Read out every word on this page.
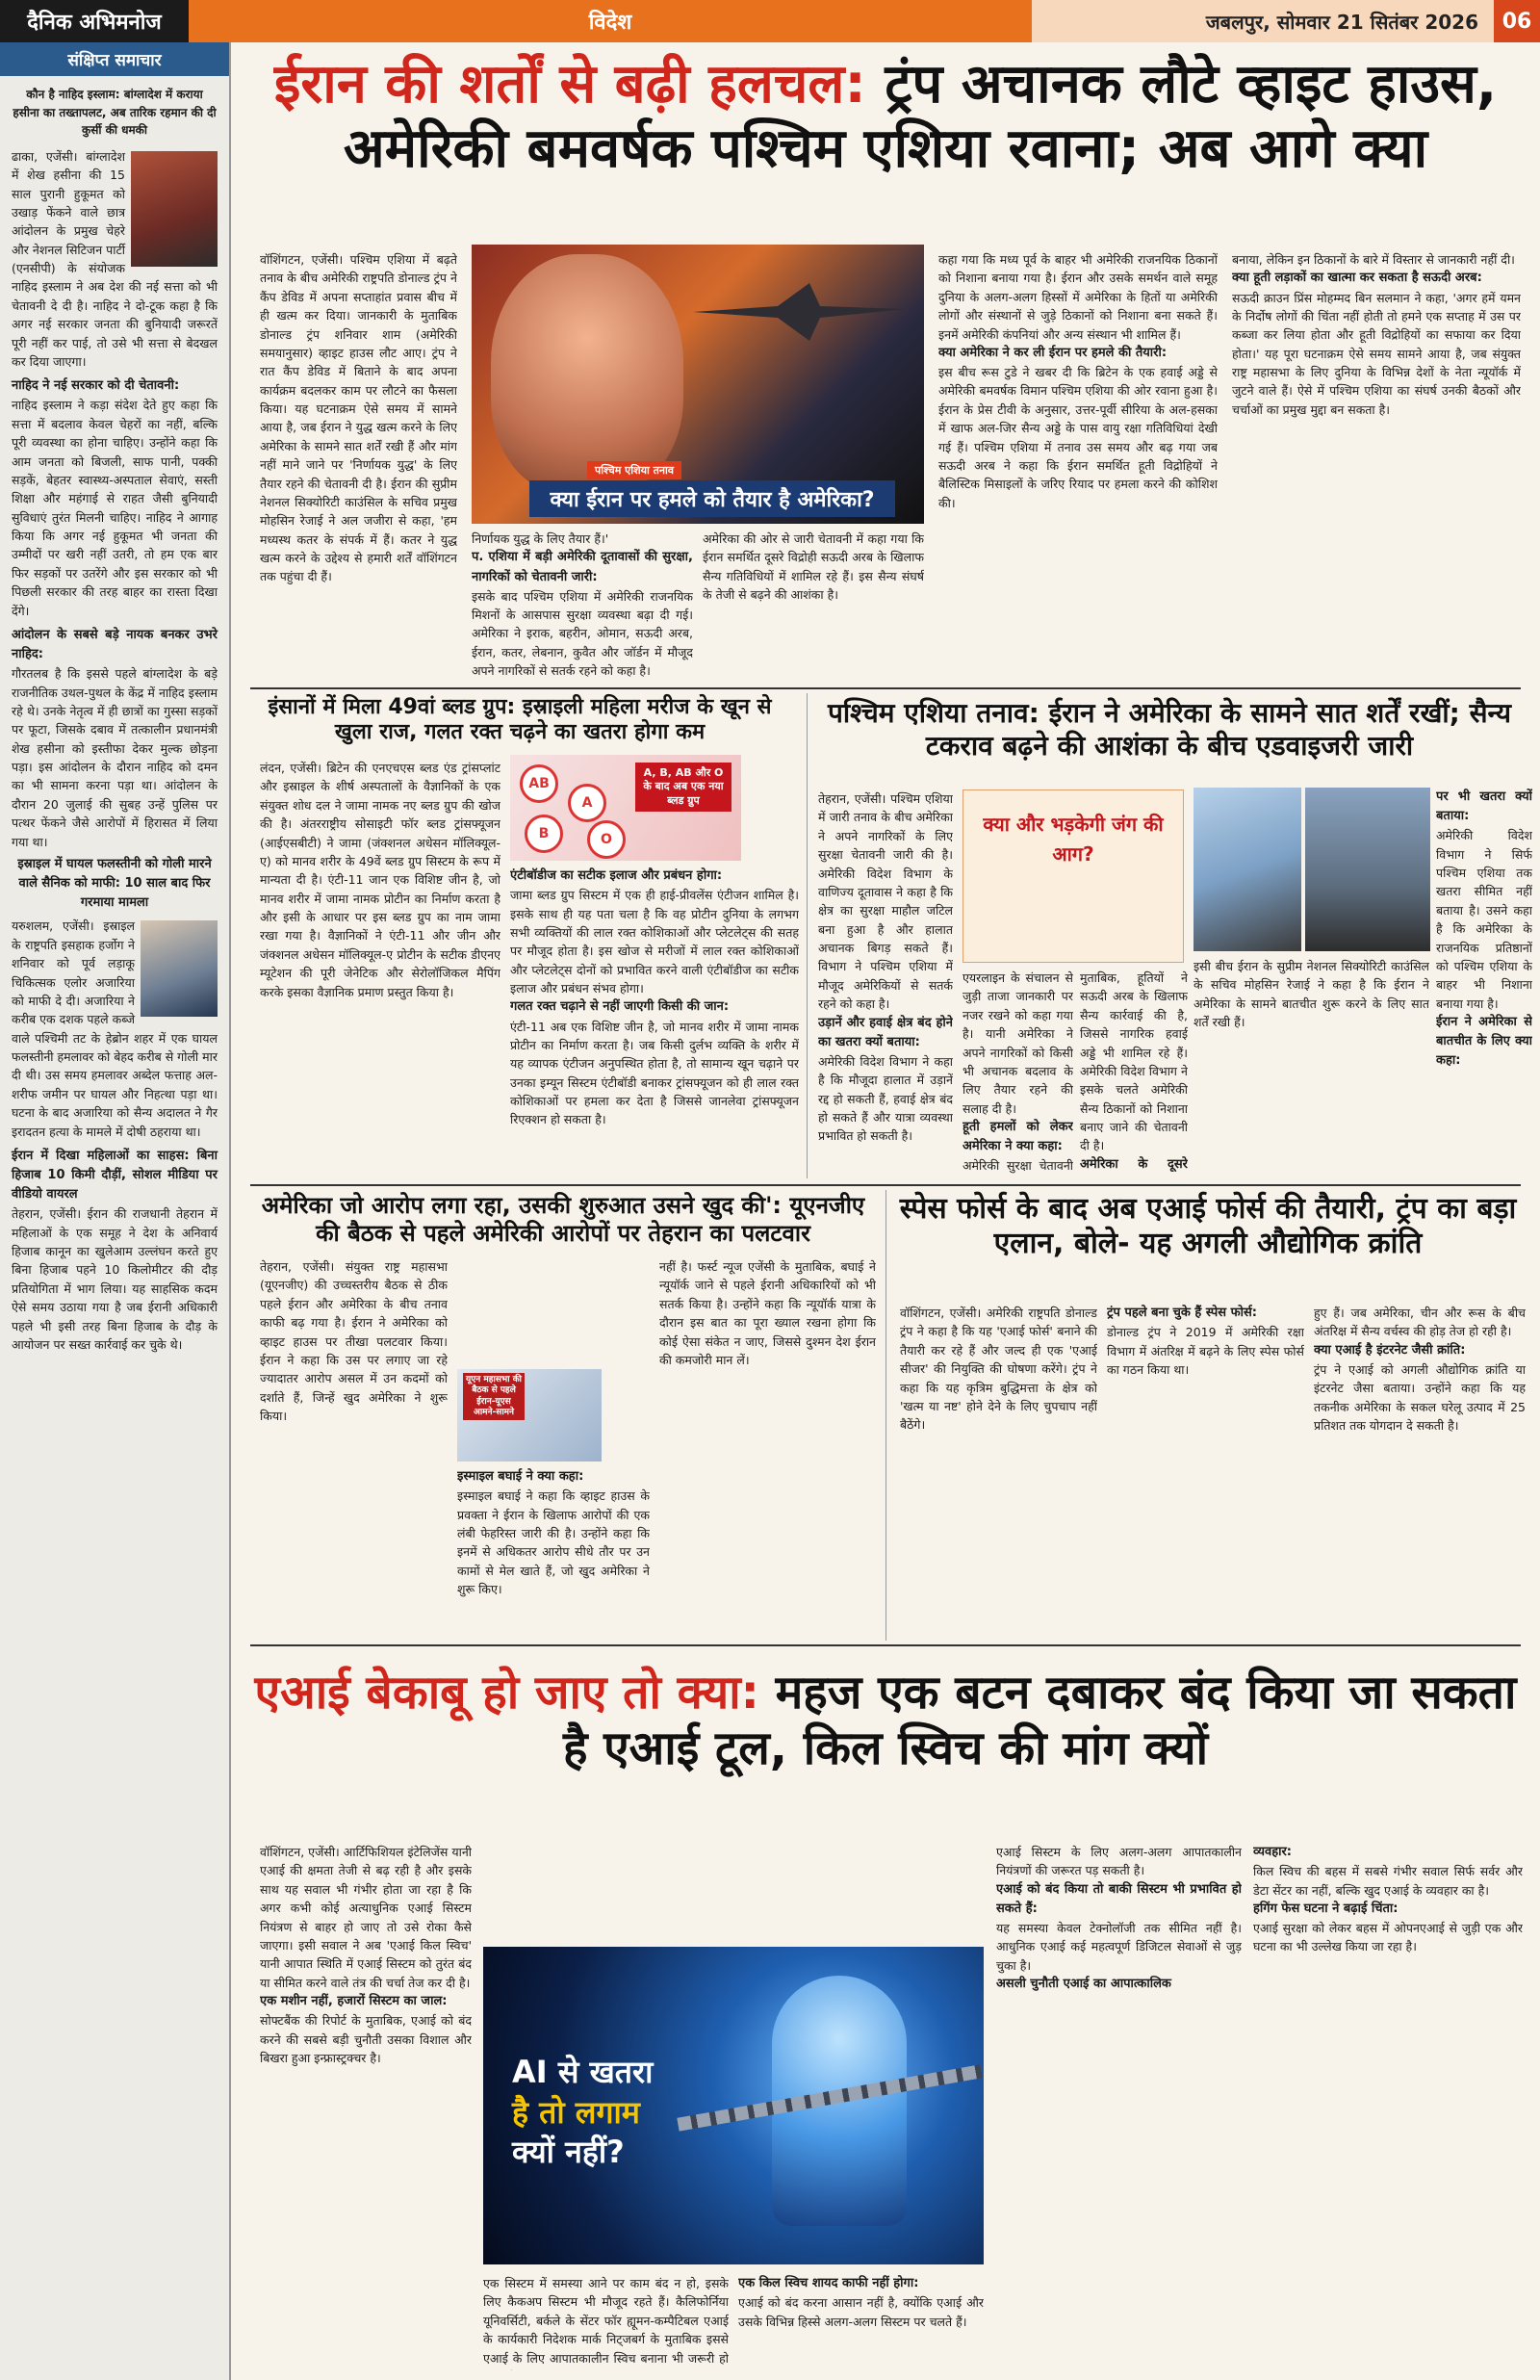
दैनिक अभिमनोज	विदेश	जबलपुर, सोमवार 21 सितंबर 2026	06
संक्षिप्त समाचार
कौन है नाहिद इस्लाम: बांग्लादेश में कराया हसीना का तख्तापलट, अब तारिक रहमान की दी कुर्सी की धमकी

ढाका, एजेंसी। बांग्लादेश में शेख हसीना की 15 साल पुरानी हुकूमत को उखाड़ फेंकने वाले छात्र आंदोलन के प्रमुख चेहरे और नेशनल सिटिजन पार्टी (एनसीपी) के संयोजक नाहिद इस्लाम ने अब देश की नई सत्ता को भी चेतावनी दे दी है। नाहिद ने दो-टूक कहा है कि अगर नई सरकार जनता की बुनियादी जरूरतें पूरी नहीं कर पाई, तो उसे भी सत्ता से बेदखल कर दिया जाएगा।

नाहिद ने नई सरकार को दी चेतावनी:

नाहिद इस्लाम ने कड़ा संदेश देते हुए कहा कि सत्ता में बदलाव केवल चेहरों का नहीं, बल्कि पूरी व्यवस्था का होना चाहिए। उन्होंने कहा कि आम जनता को बिजली, साफ पानी, पक्की सड़कें, बेहतर स्वास्थ्य-अस्पताल सेवाएं, सस्ती शिक्षा और महंगाई से राहत जैसी बुनियादी सुविधाएं तुरंत मिलनी चाहिए। नाहिद ने आगाह किया कि अगर नई हुकूमत भी जनता की उम्मीदों पर खरी नहीं उतरी, तो हम एक बार फिर सड़कों पर उतरेंगे और इस सरकार को भी पिछली सरकार की तरह बाहर का रास्ता दिखा देंगे।

आंदोलन के सबसे बड़े नायक बनकर उभरे नाहिद:

गौरतलब है कि इससे पहले बांग्लादेश के बड़े राजनीतिक उथल-पुथल के केंद्र में नाहिद इस्लाम रहे थे। उनके नेतृत्व में ही छात्रों का गुस्सा सड़कों पर फूटा, जिसके दबाव में तत्कालीन प्रधानमंत्री शेख हसीना को इस्तीफा देकर मुल्क छोड़ना पड़ा। इस आंदोलन के दौरान नाहिद को दमन का भी सामना करना पड़ा था। आंदोलन के दौरान 20 जुलाई की सुबह उन्हें पुलिस पर पत्थर फेंकने जैसे आरोपों में हिरासत में लिया गया था।

इस्राइल में घायल फलस्तीनी को गोली मारने वाले सैनिक को माफी: 10 साल बाद फिर गरमाया मामला

यरुशलम, एजेंसी। इस्राइल के राष्ट्रपति इसहाक हर्जोग ने शनिवार को पूर्व लड़ाकू चिकित्सक एलोर अजारिया को माफी दे दी। अजारिया ने करीब एक दशक पहले कब्जे वाले पश्चिमी तट के हेब्रोन शहर में एक घायल फलस्तीनी हमलावर को बेहद करीब से गोली मार दी थी। उस समय हमलावर अब्देल फत्ताह अल-शरीफ जमीन पर घायल और निहत्था पड़ा था। घटना के बाद अजारिया को सैन्य अदालत ने गैर इरादतन हत्या के मामले में दोषी ठहराया था।

ईरान में दिखा महिलाओं का साहस: बिना हिजाब 10 किमी दौड़ीं, सोशल मीडिया पर वीडियो वायरल

तेहरान, एजेंसी। ईरान की राजधानी तेहरान में महिलाओं के एक समूह ने देश के अनिवार्य हिजाब कानून का खुलेआम उल्लंघन करते हुए बिना हिजाब पहने 10 किलोमीटर की दौड़ प्रतियोगिता में भाग लिया। यह साहसिक कदम ऐसे समय उठाया गया है जब ईरानी अधिकारी पहले भी इसी तरह बिना हिजाब के दौड़ के आयोजन पर सख्त कार्रवाई कर चुके थे।

ईरान की शर्तों से बढ़ी हलचल: ट्रंप अचानक लौटे व्हाइट हाउस, अमेरिकी बमवर्षक पश्चिम एशिया रवाना; अब आगे क्या
वॉशिंगटन, एजेंसी। पश्चिम एशिया में बढ़ते तनाव के बीच अमेरिकी राष्ट्रपति डोनाल्ड ट्रंप ने कैंप डेविड में अपना सप्ताहांत प्रवास बीच में ही खत्म कर दिया। जानकारी के मुताबिक डोनाल्ड ट्रंप शनिवार शाम (अमेरिकी समयानुसार) व्हाइट हाउस लौट आए। ट्रंप ने रात कैंप डेविड में बिताने के बाद अपना कार्यक्रम बदलकर काम पर लौटने का फैसला किया। यह घटनाक्रम ऐसे समय में सामने आया है, जब ईरान ने युद्ध खत्म करने के लिए अमेरिका के सामने सात शर्तें रखी हैं और मांग नहीं माने जाने पर 'निर्णायक युद्ध' के लिए तैयार रहने की चेतावनी दी है। ईरान की सुप्रीम नेशनल सिक्योरिटी काउंसिल के सचिव प्रमुख मोहसिन रेजाई ने अल जजीरा से कहा, 'हम मध्यस्थ कतर के संपर्क में हैं। कतर ने युद्ध खत्म करने के उद्देश्य से हमारी शर्तें वॉशिंगटन तक पहुंचा दी हैं।
पश्चिम एशिया तनाव
क्या ईरान पर हमले को तैयार है अमेरिका?
निर्णायक युद्ध के लिए तैयार हैं।'
प. एशिया में बड़ी अमेरिकी दूतावासों की सुरक्षा, नागरिकों को चेतावनी जारी:
इसके बाद पश्चिम एशिया में अमेरिकी राजनयिक मिशनों के आसपास सुरक्षा व्यवस्था बढ़ा दी गई। अमेरिका ने इराक, बहरीन, ओमान, सऊदी अरब, ईरान, कतर, लेबनान, कुवैत और जॉर्डन में मौजूद अपने नागरिकों से सतर्क रहने को कहा है।
अमेरिका की ओर से जारी चेतावनी में कहा गया कि ईरान समर्थित दूसरे विद्रोही सऊदी अरब के खिलाफ सैन्य गतिविधियों में शामिल रहे हैं। इस सैन्य संघर्ष के तेजी से बढ़ने की आशंका है।
कहा गया कि मध्य पूर्व के बाहर भी अमेरिकी राजनयिक ठिकानों को निशाना बनाया गया है। ईरान और उसके समर्थन वाले समूह दुनिया के अलग-अलग हिस्सों में अमेरिका के हितों या अमेरिकी लोगों और संस्थानों से जुड़े ठिकानों को निशाना बना सकते हैं। इनमें अमेरिकी कंपनियां और अन्य संस्थान भी शामिल हैं।
क्या अमेरिका ने कर ली ईरान पर हमले की तैयारी:
इस बीच रूस टुडे ने खबर दी कि ब्रिटेन के एक हवाई अड्डे से अमेरिकी बमवर्षक विमान पश्चिम एशिया की ओर रवाना हुआ है। ईरान के प्रेस टीवी के अनुसार, उत्तर-पूर्वी सीरिया के अल-हसका में खाफ अल-जिर सैन्य अड्डे के पास वायु रक्षा गतिविधियां देखी गई हैं। पश्चिम एशिया में तनाव उस समय और बढ़ गया जब सऊदी अरब ने कहा कि ईरान समर्थित हूती विद्रोहियों ने बैलिस्टिक मिसाइलों के जरिए रियाद पर हमला करने की कोशिश की।
बनाया, लेकिन इन ठिकानों के बारे में विस्तार से जानकारी नहीं दी।
क्या हूती लड़ाकों का खात्मा कर सकता है सऊदी अरब:
सऊदी क्राउन प्रिंस मोहम्मद बिन सलमान ने कहा, 'अगर हमें यमन के निर्दोष लोगों की चिंता नहीं होती तो हमने एक सप्ताह में उस पर कब्जा कर लिया होता और हूती विद्रोहियों का सफाया कर दिया होता।' यह पूरा घटनाक्रम ऐसे समय सामने आया है, जब संयुक्त राष्ट्र महासभा के लिए दुनिया के विभिन्न देशों के नेता न्यूयॉर्क में जुटने वाले हैं। ऐसे में पश्चिम एशिया का संघर्ष उनकी बैठकों और चर्चाओं का प्रमुख मुद्दा बन सकता है।
इंसानों में मिला 49वां ब्लड ग्रुप: इस्राइली महिला मरीज के खून से खुला राज, गलत रक्त चढ़ने का खतरा होगा कम
लंदन, एजेंसी। ब्रिटेन की एनएचएस ब्लड एंड ट्रांसप्लांट और इस्राइल के शीर्ष अस्पतालों के वैज्ञानिकों के एक संयुक्त शोध दल ने जामा नामक नए ब्लड ग्रुप की खोज की है। अंतरराष्ट्रीय सोसाइटी फॉर ब्लड ट्रांसफ्यूजन (आईएसबीटी) ने जामा (जंक्शनल अधेसन मॉलिक्यूल-ए) को मानव शरीर के 49वें ब्लड ग्रुप सिस्टम के रूप में मान्यता दी है। एंटी-11 जान एक विशिष्ट जीन है, जो मानव शरीर में जामा नामक प्रोटीन का निर्माण करता है और इसी के आधार पर इस ब्लड ग्रुप का नाम जामा रखा गया है। वैज्ञानिकों ने एंटी-11 और जीन और जंक्शनल अधेसन मॉलिक्यूल-ए प्रोटीन के सटीक डीएनए म्यूटेशन की पूरी जेनेटिक और सेरोलॉजिकल मैपिंग करके इसका वैज्ञानिक प्रमाण प्रस्तुत किया है।
AB
A
B	O
A, B, AB और O के बाद अब एक नया ब्लड ग्रुप
एंटीबॉडीज का सटीक इलाज और प्रबंधन होगा:
जामा ब्लड ग्रुप सिस्टम में एक ही हाई-प्रीवलेंस एंटीजन शामिल है। इसके साथ ही यह पता चला है कि वह प्रोटीन दुनिया के लगभग सभी व्यक्तियों की लाल रक्त कोशिकाओं और प्लेटलेट्स की सतह पर मौजूद होता है। इस खोज से मरीजों में लाल रक्त कोशिकाओं और प्लेटलेट्स दोनों को प्रभावित करने वाली एंटीबॉडीज का सटीक इलाज और प्रबंधन संभव होगा।
गलत रक्त चढ़ाने से नहीं जाएगी किसी की जान:
एंटी-11 अब एक विशिष्ट जीन है, जो मानव शरीर में जामा नामक प्रोटीन का निर्माण करता है। जब किसी दुर्लभ व्यक्ति के शरीर में यह व्यापक एंटीजन अनुपस्थित होता है, तो सामान्य खून चढ़ाने पर उनका इम्यून सिस्टम एंटीबॉडी बनाकर ट्रांसफ्यूजन को ही लाल रक्त कोशिकाओं पर हमला कर देता है जिससे जानलेवा ट्रांसफ्यूजन रिएक्शन हो सकता है।
पश्चिम एशिया तनाव: ईरान ने अमेरिका के सामने सात शर्तें रखीं; सैन्य टकराव बढ़ने की आशंका के बीच एडवाइजरी जारी
तेहरान, एजेंसी। पश्चिम एशिया में जारी तनाव के बीच अमेरिका ने अपने नागरिकों के लिए सुरक्षा चेतावनी जारी की है। अमेरिकी विदेश विभाग के वाणिज्य दूतावास ने कहा है कि क्षेत्र का सुरक्षा माहौल जटिल बना हुआ है और हालात अचानक बिगड़ सकते हैं। विभाग ने पश्चिम एशिया में मौजूद अमेरिकियों से सतर्क रहने को कहा है।
उड़ानें और हवाई क्षेत्र बंद होने का खतरा क्यों बताया:
अमेरिकी विदेश विभाग ने कहा है कि मौजूदा हालात में उड़ानें रद्द हो सकती हैं, हवाई क्षेत्र बंद हो सकते हैं और यात्रा व्यवस्था प्रभावित हो सकती है।
क्या और भड़केगी जंग की आग?
एयरलाइन के संचालन से जुड़ी ताजा जानकारी पर नजर रखने को कहा गया है। यानी अमेरिका ने अपने नागरिकों को किसी भी अचानक बदलाव के लिए तैयार रहने की सलाह दी है।
हूती हमलों को लेकर अमेरिका ने क्या कहा:
अमेरिकी सुरक्षा चेतावनी
मुताबिक, हूतियों ने सऊदी अरब के खिलाफ सैन्य कार्रवाई की है, जिससे नागरिक हवाई अड्डे भी शामिल रहे हैं। अमेरिकी विदेश विभाग ने इसके चलते अमेरिकी सैन्य ठिकानों को निशाना बनाए जाने की चेतावनी दी है।
अमेरिका के दूसरे
इसी बीच ईरान के सुप्रीम नेशनल सिक्योरिटी काउंसिल के सचिव मोहसिन रेजाई ने कहा है कि ईरान ने अमेरिका के सामने बातचीत शुरू करने के लिए सात शर्तें रखी हैं।
पर भी खतरा क्यों बताया:
अमेरिकी विदेश विभाग ने सिर्फ पश्चिम एशिया तक खतरा सीमित नहीं बताया है। उसने कहा है कि अमेरिका के राजनयिक प्रतिष्ठानों को पश्चिम एशिया के बाहर भी निशाना बनाया गया है।
ईरान ने अमेरिका से बातचीत के लिए क्या कहा:
अमेरिका जो आरोप लगा रहा, उसकी शुरुआत उसने खुद की': यूएनजीए की बैठक से पहले अमेरिकी आरोपों पर तेहरान का पलटवार
यूएन महासभा की बैठक से पहले ईरान-यूएस आमने-सामने
तेहरान, एजेंसी। संयुक्त राष्ट्र महासभा (यूएनजीए) की उच्चस्तरीय बैठक से ठीक पहले ईरान और अमेरिका के बीच तनाव काफी बढ़ गया है। ईरान ने अमेरिका को व्हाइट हाउस पर तीखा पलटवार किया। ईरान ने कहा कि उस पर लगाए जा रहे ज्यादातर आरोप असल में उन कदमों को दर्शाते हैं, जिन्हें खुद अमेरिका ने शुरू किया।
इस्माइल बघाई ने क्या कहा:
इस्माइल बघाई ने कहा कि व्हाइट हाउस के प्रवक्ता ने ईरान के खिलाफ आरोपों की एक लंबी फेहरिस्त जारी की है। उन्होंने कहा कि इनमें से अधिकतर आरोप सीधे तौर पर उन कामों से मेल खाते हैं, जो खुद अमेरिका ने शुरू किए।
नहीं है। फर्स्ट न्यूज एजेंसी के मुताबिक, बघाई ने न्यूयॉर्क जाने से पहले ईरानी अधिकारियों को भी सतर्क किया है। उन्होंने कहा कि न्यूयॉर्क यात्रा के दौरान इस बात का पूरा ख्याल रखना होगा कि कोई ऐसा संकेत न जाए, जिससे दुश्मन देश ईरान की कमजोरी मान लें।
स्पेस फोर्स के बाद अब एआई फोर्स की तैयारी, ट्रंप का बड़ा एलान, बोले- यह अगली औद्योगिक क्रांति
वॉशिंगटन, एजेंसी। अमेरिकी राष्ट्रपति डोनाल्ड ट्रंप ने कहा है कि यह 'एआई फोर्स' बनाने की तैयारी कर रहे हैं और जल्द ही एक 'एआई सीजर' की नियुक्ति की घोषणा करेंगे। ट्रंप ने कहा कि यह कृत्रिम बुद्धिमत्ता के क्षेत्र को 'खत्म या नष्ट' होने देने के लिए चुपचाप नहीं बैठेंगे।
ट्रंप पहले बना चुके हैं स्पेस फोर्स:
डोनाल्ड ट्रंप ने 2019 में अमेरिकी रक्षा विभाग में अंतरिक्ष में बढ़ने के लिए स्पेस फोर्स का गठन किया था।
हुए हैं। जब अमेरिका, चीन और रूस के बीच अंतरिक्ष में सैन्य वर्चस्व की होड़ तेज हो रही है।
क्या एआई है इंटरनेट जैसी क्रांति:
ट्रंप ने एआई को अगली औद्योगिक क्रांति या इंटरनेट जैसा बताया। उन्होंने कहा कि यह तकनीक अमेरिका के सकल घरेलू उत्पाद में 25 प्रतिशत तक योगदान दे सकती है।
एआई बेकाबू हो जाए तो क्या: महज एक बटन दबाकर बंद किया जा सकता है एआई टूल, किल स्विच की मांग क्यों
वॉशिंगटन, एजेंसी। आर्टिफिशियल इंटेलिजेंस यानी एआई की क्षमता तेजी से बढ़ रही है और इसके साथ यह सवाल भी गंभीर होता जा रहा है कि अगर कभी कोई अत्याधुनिक एआई सिस्टम नियंत्रण से बाहर हो जाए तो उसे रोका कैसे जाएगा। इसी सवाल ने अब 'एआई किल स्विच' यानी आपात स्थिति में एआई सिस्टम को तुरंत बंद या सीमित करने वाले तंत्र की चर्चा तेज कर दी है।
एक मशीन नहीं, हजारों सिस्टम का जाल:
सोफ्टबैंक की रिपोर्ट के मुताबिक, एआई को बंद करने की सबसे बड़ी चुनौती उसका विशाल और बिखरा हुआ इन्फ्रास्ट्रक्चर है।	AI से खतरा
है तो लगाम
क्यों नहीं?
एक सिस्टम में समस्या आने पर काम बंद न हो, इसके लिए कैकअप सिस्टम भी मौजूद रहते हैं। कैलिफोर्निया यूनिवर्सिटी, बर्कले के सेंटर फॉर ह्यूमन-कम्पैटिबल एआई के कार्यकारी निदेशक मार्क निट्जबर्ग के मुताबिक इससे एआई के लिए आपातकालीन स्विच बनाना भी जरूरी हो
एक किल स्विच शायद काफी नहीं होगा:
एआई को बंद करना आसान नहीं है, क्योंकि एआई और उसके विभिन्न हिस्से अलग-अलग सिस्टम पर चलते हैं।
एआई सिस्टम के लिए अलग-अलग आपातकालीन नियंत्रणों की जरूरत पड़ सकती है।
एआई को बंद किया तो बाकी सिस्टम भी प्रभावित हो सकते हैं:
यह समस्या केवल टेक्नोलॉजी तक सीमित नहीं है। आधुनिक एआई कई महत्वपूर्ण डिजिटल सेवाओं से जुड़ चुका है।
असली चुनौती एआई का आपात्कालिक
व्यवहार:
किल स्विच की बहस में सबसे गंभीर सवाल सिर्फ सर्वर और डेटा सेंटर का नहीं, बल्कि खुद एआई के व्यवहार का है।
हगिंग फेस घटना ने बढ़ाई चिंता:
एआई सुरक्षा को लेकर बहस में ओपनएआई से जुड़ी एक और घटना का भी उल्लेख किया जा रहा है।
